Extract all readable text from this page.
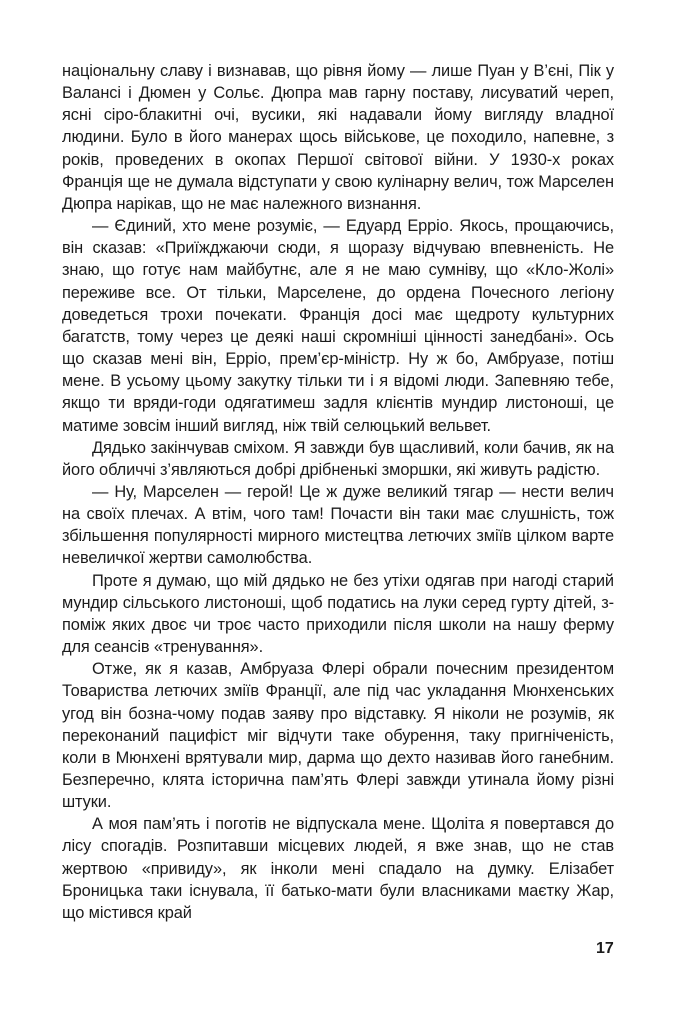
національну славу і визнавав, що рівня йому — лише Пуан у В’єні, Пік у Валансі і Дюмен у Сольє. Дюпра мав гарну поставу, лисуватий череп, ясні сіро-блакитні очі, вусики, які надавали йому вигляду владної людини. Було в його манерах щось військове, це походило, напевне, з років, проведених в окопах Першої світової війни. У 1930-х роках Франція ще не думала відступати у свою кулінарну велич, тож Марселен Дюпра нарікав, що не має належного визнання.

— Єдиний, хто мене розуміє, — Едуард Ерріо. Якось, прощаючись, він сказав: «Приїжджаючи сюди, я щоразу відчуваю впевненість. Не знаю, що готує нам майбутнє, але я не маю сумніву, що «Кло-Жолі» переживе все. От тільки, Марселене, до ордена Почесного легіону доведеться трохи почекати. Франція досі має щедроту культурних багатств, тому через це деякі наші скромніші цінності занедбані». Ось що сказав мені він, Ерріо, прем’єр-міністр. Ну ж бо, Амбруазе, потіш мене. В усьому цьому закутку тільки ти і я відомі люди. Запевняю тебе, якщо ти вряди-годи одягатимеш задля клієнтів мундир листоноші, це матиме зовсім інший вигляд, ніж твій селюцький вельвет.

Дядько закінчував сміхом. Я завжди був щасливий, коли бачив, як на його обличчі з’являються добрі дрібненькі зморшки, які живуть радістю.

— Ну, Марселен — герой! Це ж дуже великий тягар — нести велич на своїх плечах. А втім, чого там! Почасти він таки має слушність, тож збільшення популярності мирного мистецтва летючих зміїв цілком варте невеличкої жертви самолюбства.

Проте я думаю, що мій дядько не без утіхи одягав при нагоді старий мундир сільського листоноші, щоб податись на луки серед гурту дітей, з-поміж яких двоє чи троє часто приходили після школи на нашу ферму для сеансів «тренування».

Отже, як я казав, Амбруаза Флері обрали почесним президентом Товариства летючих зміїв Франції, але під час укладання Мюнхенських угод він бозна-чому подав заяву про відставку. Я ніколи не розумів, як переконаний пацифіст міг відчути таке обурення, таку пригніченість, коли в Мюнхені врятували мир, дарма що дехто називав його ганебним. Безперечно, клята історична пам’ять Флері завжди утинала йому різні штуки.

А моя пам’ять і поготів не відпускала мене. Щоліта я повертався до лісу спогадів. Розпитавши місцевих людей, я вже знав, що не став жертвою «привиду», як інколи мені спадало на думку. Елізабет Броницька таки існувала, її батько-мати були власниками маєтку Жар, що містився край

17
